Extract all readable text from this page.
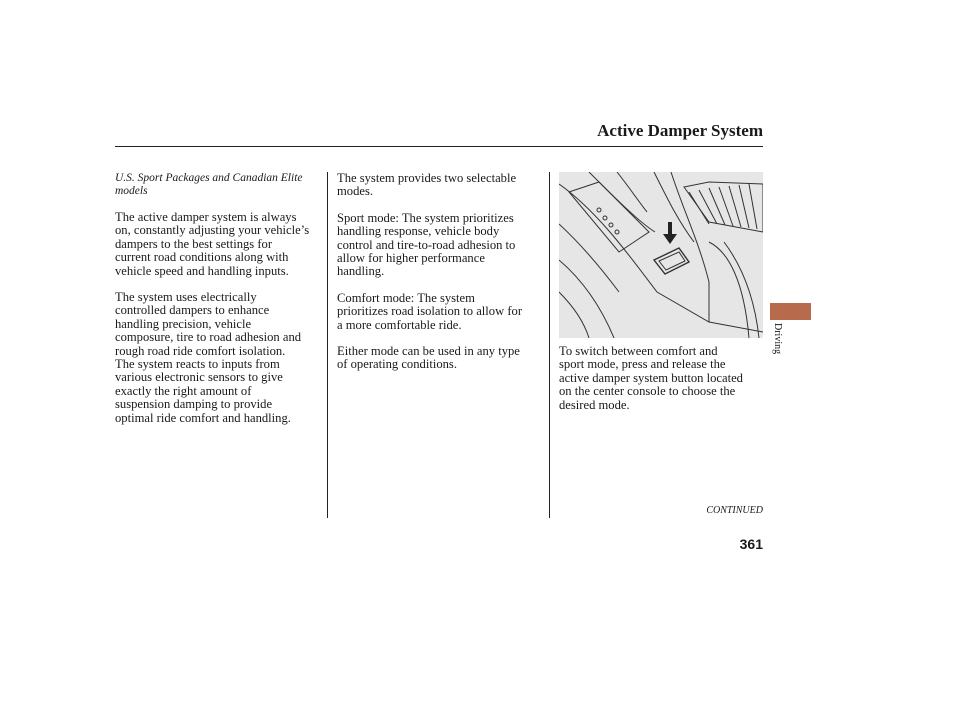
Active Damper System

U.S. Sport Packages and Canadian Elite
models

The active damper system is always
on, constantly adjusting your vehicle’s
dampers to the best settings for
current road conditions along with
vehicle speed and handling inputs.

The system uses electrically
controlled dampers to enhance
handling precision, vehicle
composure, tire to road adhesion and
rough road ride comfort isolation.
The system reacts to inputs from
various electronic sensors to give
exactly the right amount of
suspension damping to provide
optimal ride comfort and handling.

The system provides two selectable
modes.

Sport mode: The system prioritizes
handling response, vehicle body
control and tire-to-road adhesion to
allow for higher performance
handling.

Comfort mode: The system
prioritizes road isolation to allow for
a more comfortable ride.

Either mode can be used in any type
of operating conditions.

To switch between comfort and
sport mode, press and release the
active damper system button located
on the center console to choose the
desired mode.

Driving
CONTINUED
361
